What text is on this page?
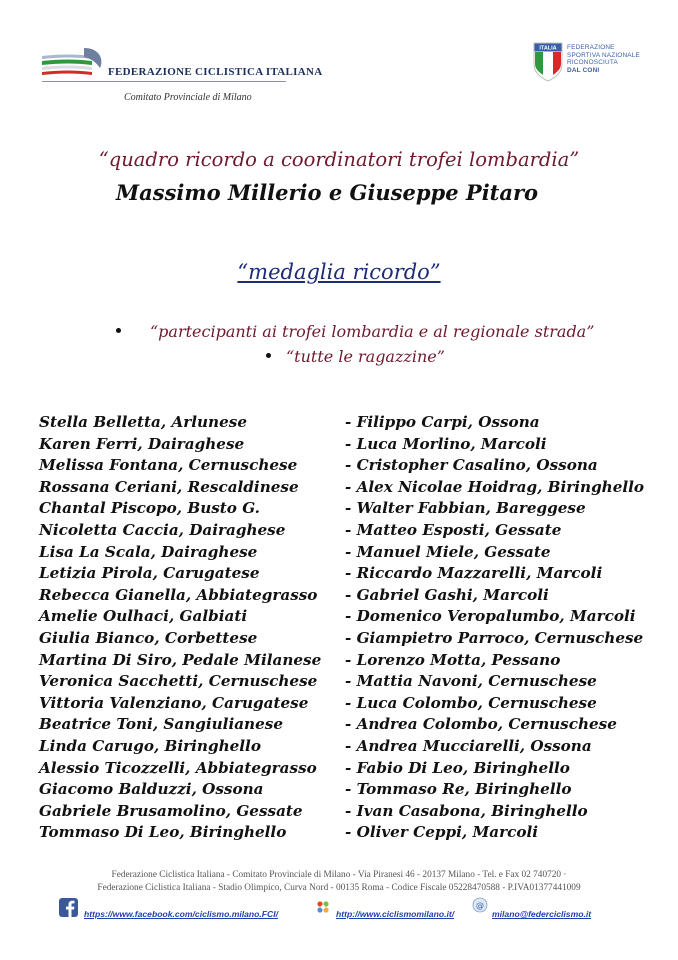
FEDERAZIONE CICLISTICA ITALIANA
Comitato Provinciale di Milano
ITALIA FEDERAZIONE
SPORTIVA NAZIONALE
RICONOSCIUTA
DAL CONI
“quadro ricordo a coordinatori trofei lombardia”
Massimo Millerio e Giuseppe Pitaro
“medaglia ricordo”
“partecipanti ai trofei lombardia e al regionale strada”
“tutte le ragazzine”
Stella Belletta, Arlunese	- Filippo Carpi, Ossona
Karen Ferri, Dairaghese	- Luca Morlino, Marcoli
Melissa Fontana, Cernuschese	- Cristopher Casalino, Ossona
Rossana Ceriani, Rescaldinese	- Alex Nicolae Hoidrag, Biringhello
Chantal Piscopo, Busto G.	- Walter Fabbian, Bareggese
Nicoletta Caccia, Dairaghese	- Matteo Esposti, Gessate
Lisa La Scala, Dairaghese	- Manuel Miele, Gessate
Letizia Pirola, Carugatese	- Riccardo Mazzarelli, Marcoli
Rebecca Gianella, Abbiategrasso - Gabriel Gashi, Marcoli
Amelie Oulhaci, Galbiati	- Domenico Veropalumbo, Marcoli
Giulia Bianco, Corbettese	- Giampietro Parroco, Cernuschese
Martina Di Siro, Pedale Milanese - Lorenzo Motta, Pessano
Veronica Sacchetti, Cernuschese - Mattia Navoni, Cernuschese
Vittoria Valenziano, Carugatese - Luca Colombo, Cernuschese
Beatrice Toni, Sangiulianese	- Andrea Colombo, Cernuschese
Linda Carugo, Biringhello	- Andrea Mucciarelli, Ossona
Alessio Ticozzelli, Abbiategrasso - Fabio Di Leo, Biringhello
Giacomo Balduzzi, Ossona	- Tommaso Re, Biringhello
Gabriele Brusamolino, Gessate	- Ivan Casabona, Biringhello
Tommaso Di Leo, Biringhello	- Oliver Ceppi, Marcoli
Federazione Ciclistica Italiana - Comitato Provinciale di Milano - Via Piranesi 46 - 20137 Milano - Tel. e Fax 02 740720 ·
Federazione Ciclistica Italiana - Stadio Olimpico, Curva Nord - 00135 Roma - Codice Fiscale 05228470588 - P.IVA01377441009
https://www.facebook.com/ciclismo.milano.FCI/	http://www.ciclismomilano.it/
@
milano@federciclismo.it
